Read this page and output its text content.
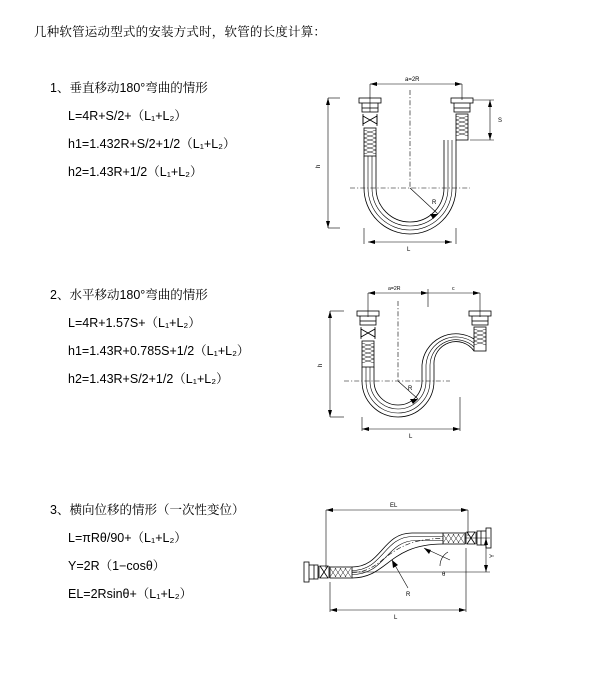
几种软管运动型式的安装方式时，软管的长度计算：
1、垂直移动180°弯曲的情形
L=4R+S/2+（L₁+L₂）
h1=1.432R+S/2+1/2（L₁+L₂）
h2=1.43R+1/2（L₁+L₂）
a=2R
h
S
R
L
2、水平移动180°弯曲的情形
L=4R+1.57S+（L₁+L₂）
h1=1.43R+0.785S+1/2（L₁+L₂）
h2=1.43R+S/2+1/2（L₁+L₂）
a=2R	c
h
R
L
3、横向位移的情形（一次性变位）
L=πRθ/90+（L₁+L₂）
Y=2R（1−cosθ）
EL=2Rsinθ+（L₁+L₂）
EL
Y
θ
R
L
